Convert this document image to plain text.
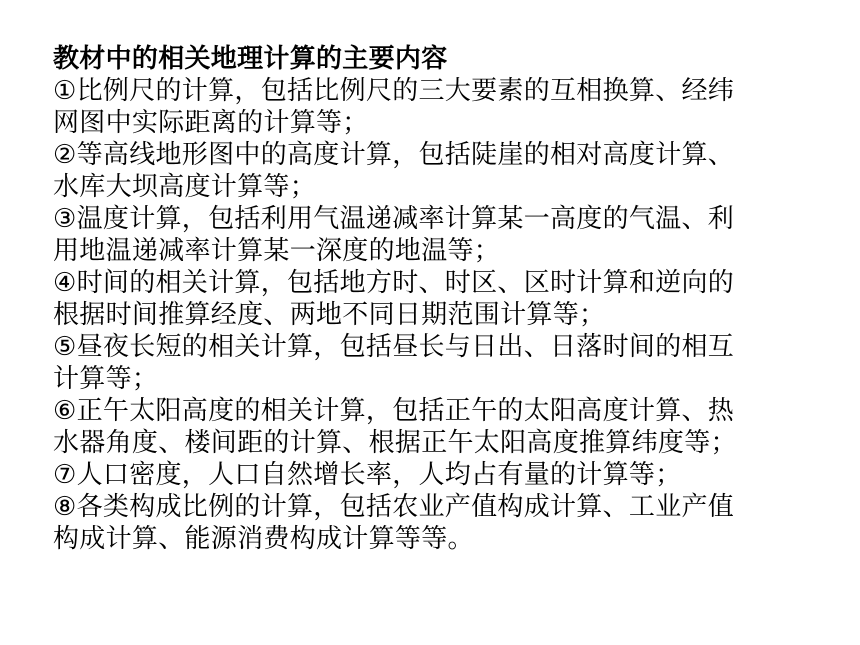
教材中的相关地理计算的主要内容

①比例尺的计算，包括比例尺的三大要素的互相换算、经纬
网图中实际距离的计算等；

②等高线地形图中的高度计算，包括陡崖的相对高度计算、
水库大坝高度计算等；

③温度计算，包括利用气温递减率计算某一高度的气温、利
用地温递减率计算某一深度的地温等；

④时间的相关计算，包括地方时、时区、区时计算和逆向的
根据时间推算经度、两地不同日期范围计算等；

⑤昼夜长短的相关计算，包括昼长与日出、日落时间的相互
计算等；

⑥正午太阳高度的相关计算，包括正午的太阳高度计算、热
水器角度、楼间距的计算、根据正午太阳高度推算纬度等；

⑦人口密度，人口自然增长率，人均占有量的计算等；

⑧各类构成比例的计算，包括农业产值构成计算、工业产值
构成计算、能源消费构成计算等等。
